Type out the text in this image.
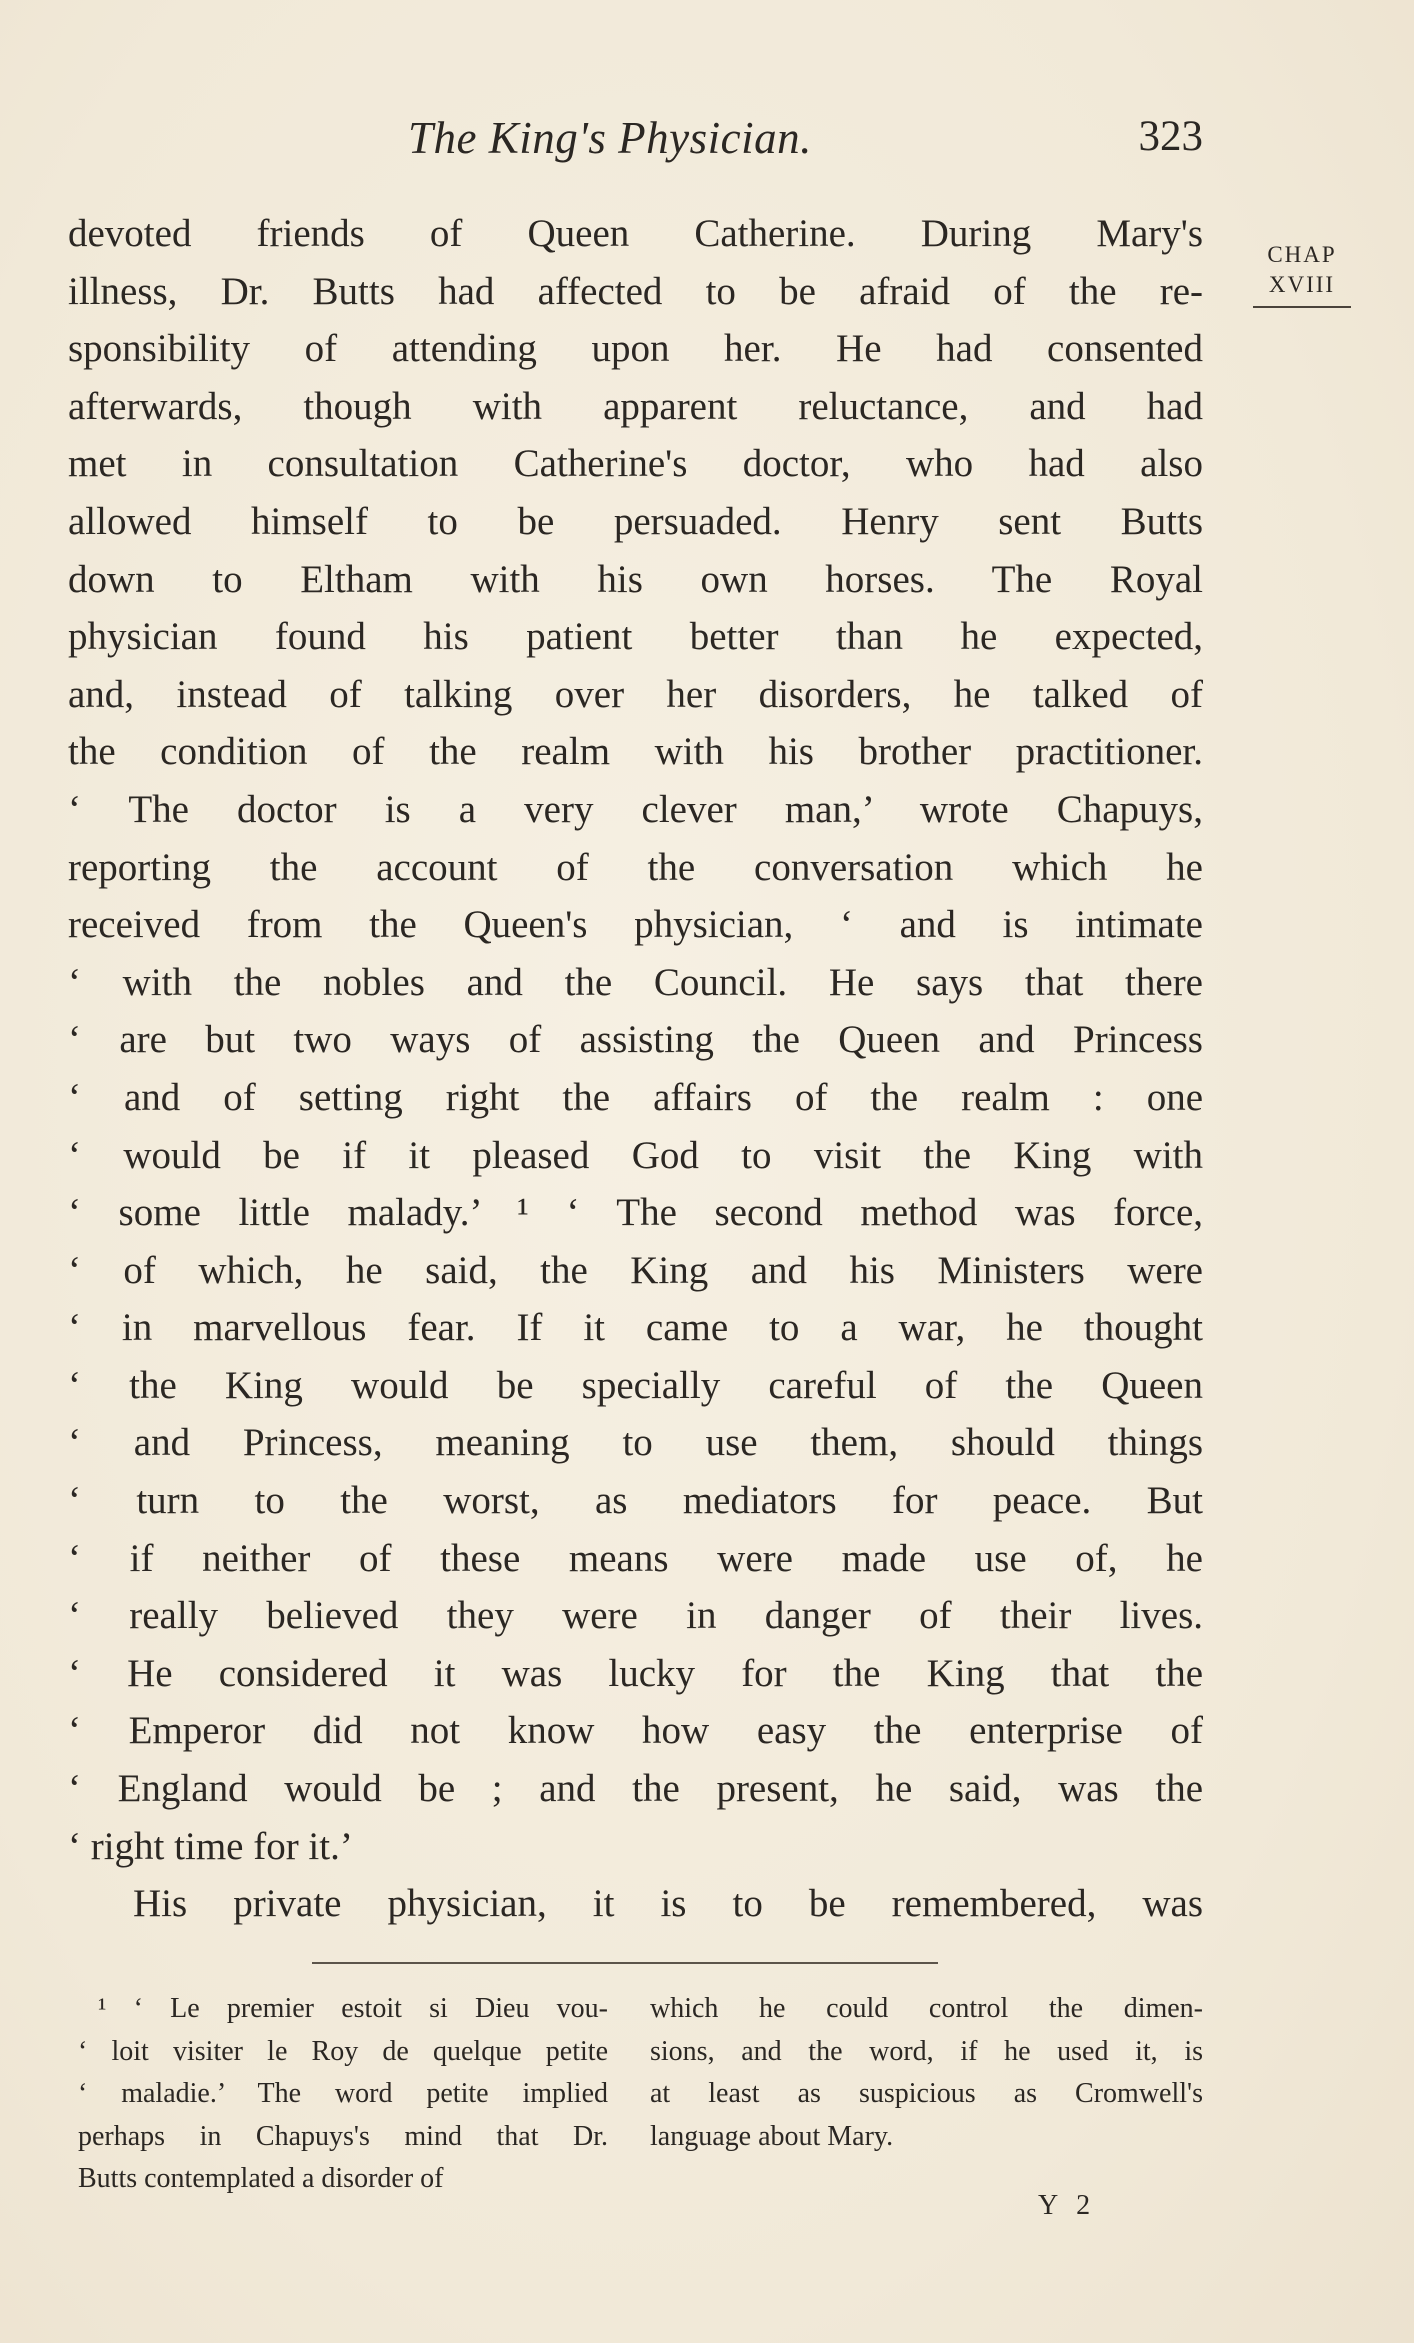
The King's Physician.	323
CHAP
XVIII
devoted friends of Queen Catherine. During Mary's
illness, Dr. Butts had affected to be afraid of the re-
sponsibility of attending upon her. He had consented
afterwards, though with apparent reluctance, and had
met in consultation Catherine's doctor, who had also
allowed himself to be persuaded. Henry sent Butts
down to Eltham with his own horses. The Royal
physician found his patient better than he expected,
and, instead of talking over her disorders, he talked of
the condition of the realm with his brother practitioner.
‘ The doctor is a very clever man,’ wrote Chapuys,
reporting the account of the conversation which he
received from the Queen's physician, ‘ and is intimate
‘ with the nobles and the Council. He says that there
‘ are but two ways of assisting the Queen and Princess
‘ and of setting right the affairs of the realm : one
‘ would be if it pleased God to visit the King with
‘ some little malady.’ ¹ ‘ The second method was force,
‘ of which, he said, the King and his Ministers were
‘ in marvellous fear. If it came to a war, he thought
‘ the King would be specially careful of the Queen
‘ and Princess, meaning to use them, should things
‘ turn to the worst, as mediators for peace. But
‘ if neither of these means were made use of, he
‘ really believed they were in danger of their lives.
‘ He considered it was lucky for the King that the
‘ Emperor did not know how easy the enterprise of
‘ England would be ; and the present, he said, was the
‘ right time for it.’
His private physician, it is to be remembered, was
¹ ‘ Le premier estoit si Dieu vou-
‘ loit visiter le Roy de quelque petite
‘ maladie.’ The word petite implied
perhaps in Chapuys's mind that Dr.
Butts contemplated a disorder of
which he could control the dimen-
sions, and the word, if he used it, is
at least as suspicious as Cromwell's
language about Mary.
Y 2
